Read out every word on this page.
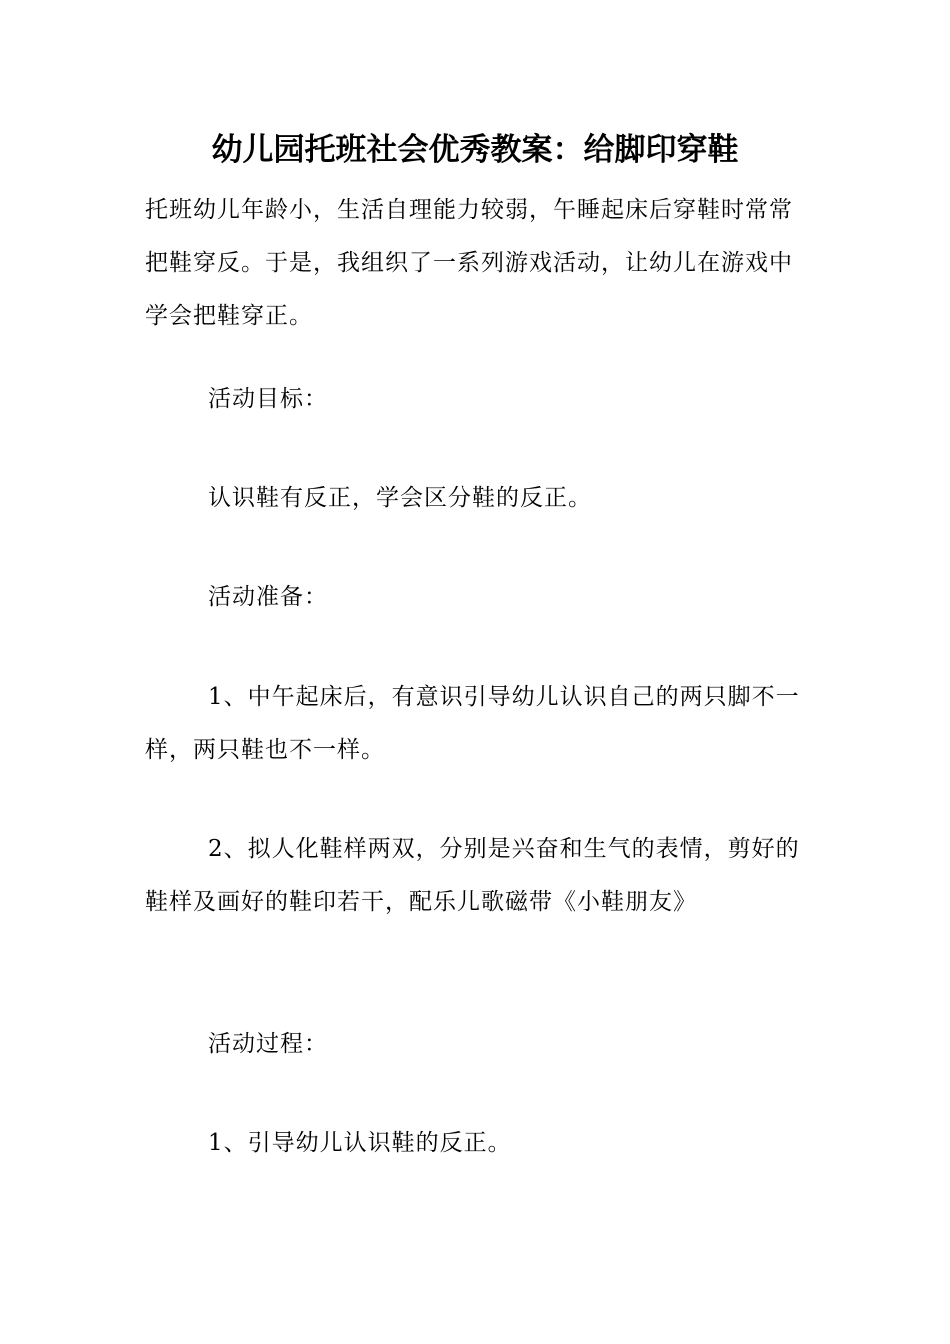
幼儿园托班社会优秀教案：给脚印穿鞋

托班幼儿年龄小，生活自理能力较弱，午睡起床后穿鞋时常常把鞋穿反。于是，我组织了一系列游戏活动，让幼儿在游戏中学会把鞋穿正。

活动目标：

认识鞋有反正，学会区分鞋的反正。

活动准备：

1、中午起床后，有意识引导幼儿认识自己的两只脚不一样，两只鞋也不一样。

2、拟人化鞋样两双，分别是兴奋和生气的表情，剪好的鞋样及画好的鞋印若干，配乐儿歌磁带《小鞋朋友》

活动过程：

1、引导幼儿认识鞋的反正。
